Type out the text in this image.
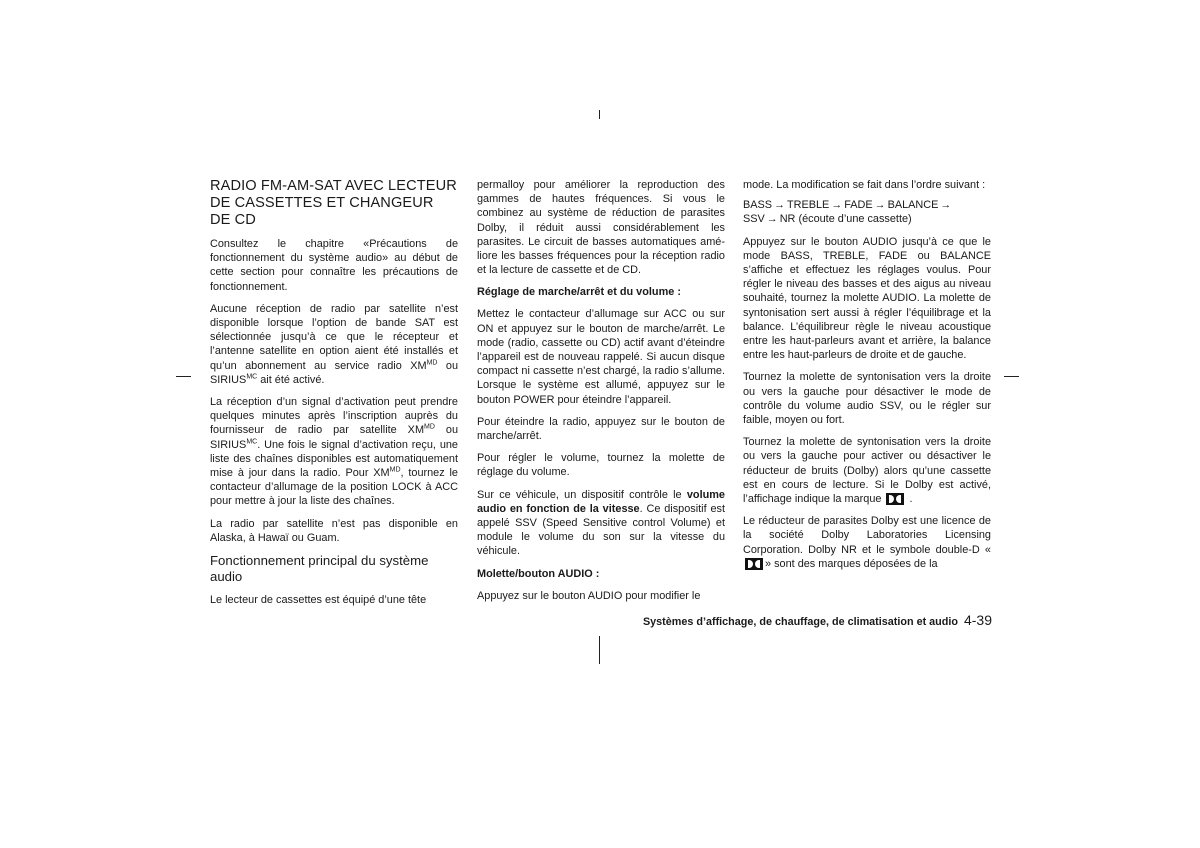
RADIO FM-AM-SAT AVEC LECTEUR DE CASSETTES ET CHANGEUR DE CD

Consultez le chapitre «Précautions de fonctionnement du système audio» au début de cette section pour connaître les précautions de fonctionnement.

Aucune réception de radio par satellite n’est disponible lorsque l’option de bande SAT est sélectionnée jusqu’à ce que le récepteur et l’antenne satellite en option aient été installés et qu’un abonnement au service radio $XM^{MD}$ ou $SIRIUS^{MC}$ ait été activé.

La réception d’un signal d’activation peut prendre quelques minutes après l’inscription auprès du fournisseur de radio par satellite $XM^{MD}$ ou $SIRIUS^{MC}$. Une fois le signal d’activation reçu, une liste des chaînes disponibles est automatiquement mise à jour dans la radio. Pour $XM^{MD}$, tournez le contacteur d’allumage de la position LOCK à ACC pour mettre à jour la liste des chaînes.

La radio par satellite n’est pas disponible en Alaska, à Hawaï ou Guam.

Fonctionnement principal du système audio

Le lecteur de cassettes est équipé d’une tête

permalloy pour améliorer la reproduction des gammes de hautes fréquences. Si vous le combinez au système de réduction de parasites Dolby, il réduit aussi considérablement les parasites. Le circuit de basses automatiques améliore les basses fréquences pour la réception radio et la lecture de cassette et de CD.

Réglage de marche/arrêt et du volume :

Mettez le contacteur d’allumage sur ACC ou sur ON et appuyez sur le bouton de marche/arrêt. Le mode (radio, cassette ou CD) actif avant d’éteindre l’appareil est de nouveau rappelé. Si aucun disque compact ni cassette n’est chargé, la radio s’allume. Lorsque le système est allumé, appuyez sur le bouton POWER pour éteindre l’appareil.

Pour éteindre la radio, appuyez sur le bouton de marche/arrêt.

Pour régler le volume, tournez la molette de réglage du volume.

Sur ce véhicule, un dispositif contrôle le volume audio en fonction de la vitesse. Ce dispositif est appelé SSV (Speed Sensitive control Volume) et module le volume du son sur la vitesse du véhicule.

Molette/bouton AUDIO :

Appuyez sur le bouton AUDIO pour modifier le

mode. La modification se fait dans l’ordre suivant :

BASS → TREBLE → FADE → BALANCE →
SSV → NR (écoute d’une cassette)

Appuyez sur le bouton AUDIO jusqu’à ce que le mode BASS, TREBLE, FADE ou BALANCE s’affiche et effectuez les réglages voulus. Pour régler le niveau des basses et des aigus au niveau souhaité, tournez la molette AUDIO. La molette de syntonisation sert aussi à régler l’équilibrage et la balance. L’équilibreur règle le niveau acoustique entre les haut-parleurs avant et arrière, la balance entre les haut-parleurs de droite et de gauche.

Tournez la molette de syntonisation vers la droite ou vers la gauche pour désactiver le mode de contrôle du volume audio SSV, ou le régler sur faible, moyen ou fort.

Tournez la molette de syntonisation vers la droite ou vers la gauche pour activer ou désactiver le réducteur de bruits (Dolby) alors qu’une cassette est en cours de lecture. Si le Dolby est activé, l’affichage indique la marque	.

Le réducteur de parasites Dolby est une licence de la société Dolby Laboratories Licensing Corporation. Dolby NR et le symbole double-D «» sont des marques déposées de la

Systèmes d’affichage, de chauffage, de climatisation et audio 4-39
